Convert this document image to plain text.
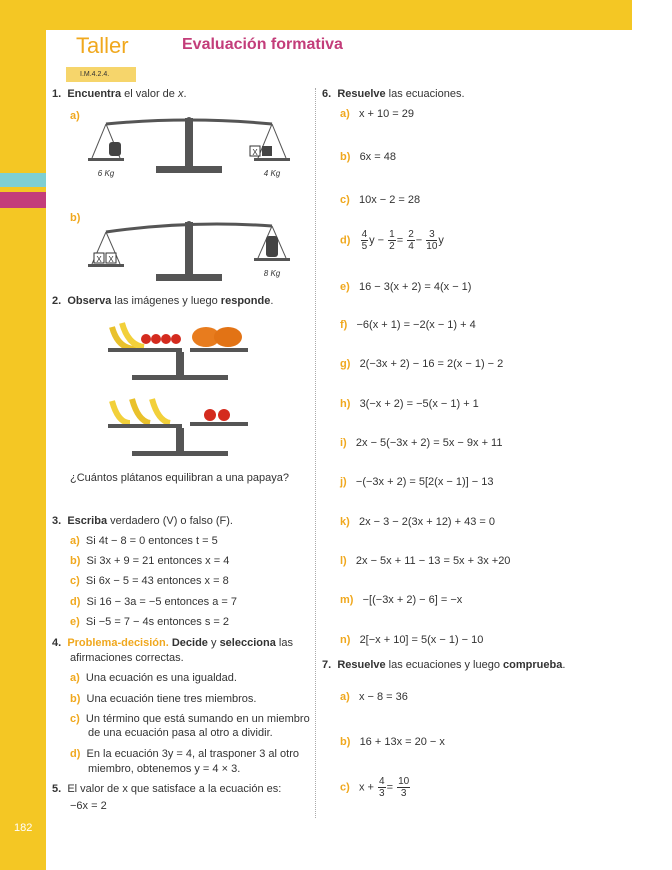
Taller	Evaluación formativa
I.M.4.2.4.
182
1. Encuentra el valor de x.
a)
X
6 Kg	4 Kg
b)
X X
8 Kg
2. Observa las imágenes y luego responde.
¿Cuántos plátanos equilibran a una papaya?
3. Escriba verdadero (V) o falso (F).
a) Si 4t − 8 = 0 entonces t = 5
b) Si 3x + 9 = 21 entonces x = 4
c) Si 6x − 5 = 43 entonces x = 8
d) Si 16 − 3a = −5 entonces a = 7
e) Si −5 = 7 − 4s entonces s = 2
4. Problema-decisión. Decide y selecciona las
afirmaciones correctas.
a) Una ecuación es una igualdad.
b) Una ecuación tiene tres miembros.
c) Un término que está sumando en un miembro
de una ecuación pasa al otro a dividir.
d) En la ecuación 3y = 4, al trasponer 3 al otro
miembro, obtenemos y = 4 × 3.
5. El valor de x que satisface a la ecuación es:
−6x = 2
6. Resuelve las ecuaciones.
a) x + 10 = 29
b) 6x = 48
c) 10x − 2 = 28
$d) \frac{4}{5}$ $y - \frac{1}{2} = \frac{2}{4} - \frac{3}{10}$ y
e) 16 − 3(x + 2) = 4(x − 1)
f) −6(x + 1) = −2(x − 1) + 4
g) 2(−3x + 2) − 16 = 2(x − 1) − 2
h) 3(−x + 2) = −5(x − 1) + 1
i) 2x − 5(−3x + 2) = 5x − 9x + 11
j) −(−3x + 2) = 5[2(x − 1)] − 13
k) 2x − 3 − 2(3x + 12) + 43 = 0
l) 2x − 5x + 11 − 13 = 5x + 3x +20
m) −[(−3x + 2) − 6] = −x
n) 2[−x + 10] = 5(x − 1) − 10
7. Resuelve las ecuaciones y luego comprueba.
a) x − 8 = 36
b) 16 + 13x = 20 − x
c) $x + \frac{4}{3} = \frac{10}{3}$
